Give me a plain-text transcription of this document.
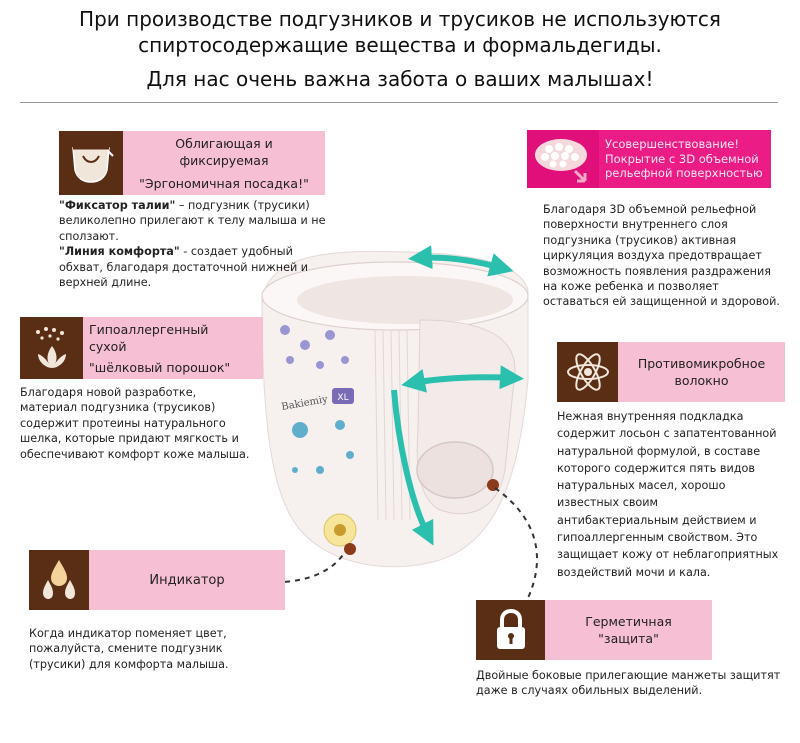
При производстве подгузников и трусиков не используются
спиртосодержащие вещества и формальдегиды.
Для нас очень важна забота о ваших малышах!
Bakiemiy XL
Облигающая и фиксируемая
"Эргономичная посадка!"
"Фиксатор талии" – подгузник (трусики) великолепно прилегают к телу малыша и не сползают.
"Линия комфорта" - создает удобный обхват, благодаря достаточной нижней и верхней длине.
Усовершенствование!
Покрытие с 3D объемной
рельефной поверхностью
Благодаря 3D объемной рельефной поверхности внутреннего слоя подгузника (трусиков) активная циркуляция воздуха предотвращает возможность появления раздражения на коже ребенка и позволяет оставаться ей защищенной и здоровой.
Гипоаллергенный
сухой
"шёлковый порошок"
Благодаря новой разработке, материал подгузника (трусиков) содержит протеины натурального шелка, которые придают мягкость и обеспечивают комфорт коже малыша.
Противомикробное
волокно
Нежная внутренняя подкладка содержит лосьон с запатентованной натуральной формулой, в составе которого содержится пять видов натуральных масел, хорошо известных своим антибактериальным действием и гипоаллергенным свойством. Это защищает кожу от неблагоприятных воздействий мочи и кала.
Индикатор
Когда индикатор поменяет цвет, пожалуйста, смените подгузник (трусики) для комфорта малыша.
Герметичная
"защита"
Двойные боковые прилегающие манжеты защитят даже в случаях обильных выделений.
